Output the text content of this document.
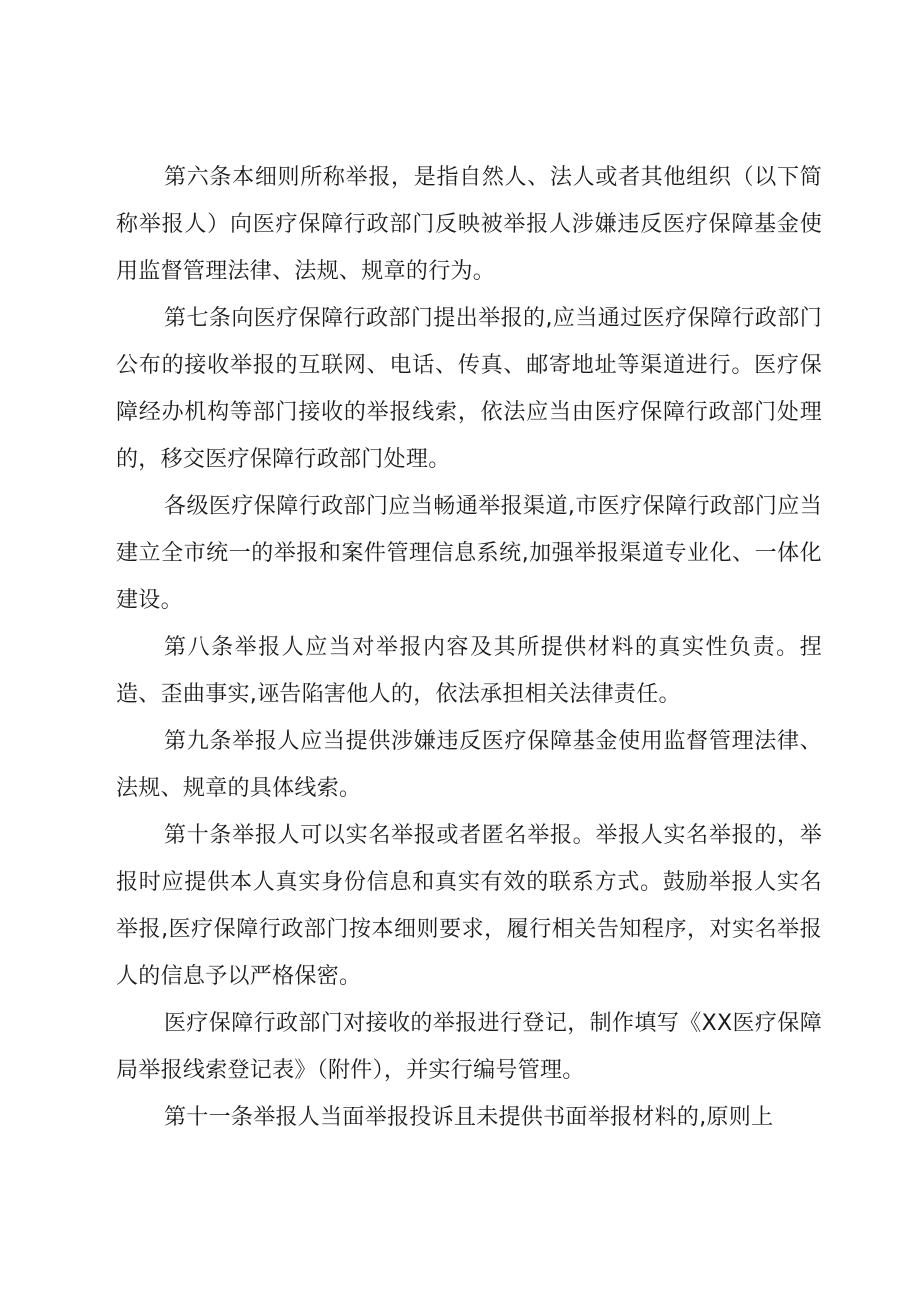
第六条本细则所称举报，是指自然人、法人或者其他组织（以下简称举报人）向医疗保障行政部门反映被举报人涉嫌违反医疗保障基金使用监督管理法律、法规、规章的行为。

第七条向医疗保障行政部门提出举报的,应当通过医疗保障行政部门公布的接收举报的互联网、电话、传真、邮寄地址等渠道进行。医疗保障经办机构等部门接收的举报线索，依法应当由医疗保障行政部门处理的，移交医疗保障行政部门处理。

各级医疗保障行政部门应当畅通举报渠道,市医疗保障行政部门应当建立全市统一的举报和案件管理信息系统,加强举报渠道专业化、一体化建设。

第八条举报人应当对举报内容及其所提供材料的真实性负责。捏造、歪曲事实,诬告陷害他人的，依法承担相关法律责任。

第九条举报人应当提供涉嫌违反医疗保障基金使用监督管理法律、法规、规章的具体线索。

第十条举报人可以实名举报或者匿名举报。举报人实名举报的，举报时应提供本人真实身份信息和真实有效的联系方式。鼓励举报人实名举报,医疗保障行政部门按本细则要求，履行相关告知程序，对实名举报人的信息予以严格保密。

医疗保障行政部门对接收的举报进行登记，制作填写《XX医疗保障局举报线索登记表》（附件），并实行编号管理。

第十一条举报人当面举报投诉且未提供书面举报材料的,原则上
